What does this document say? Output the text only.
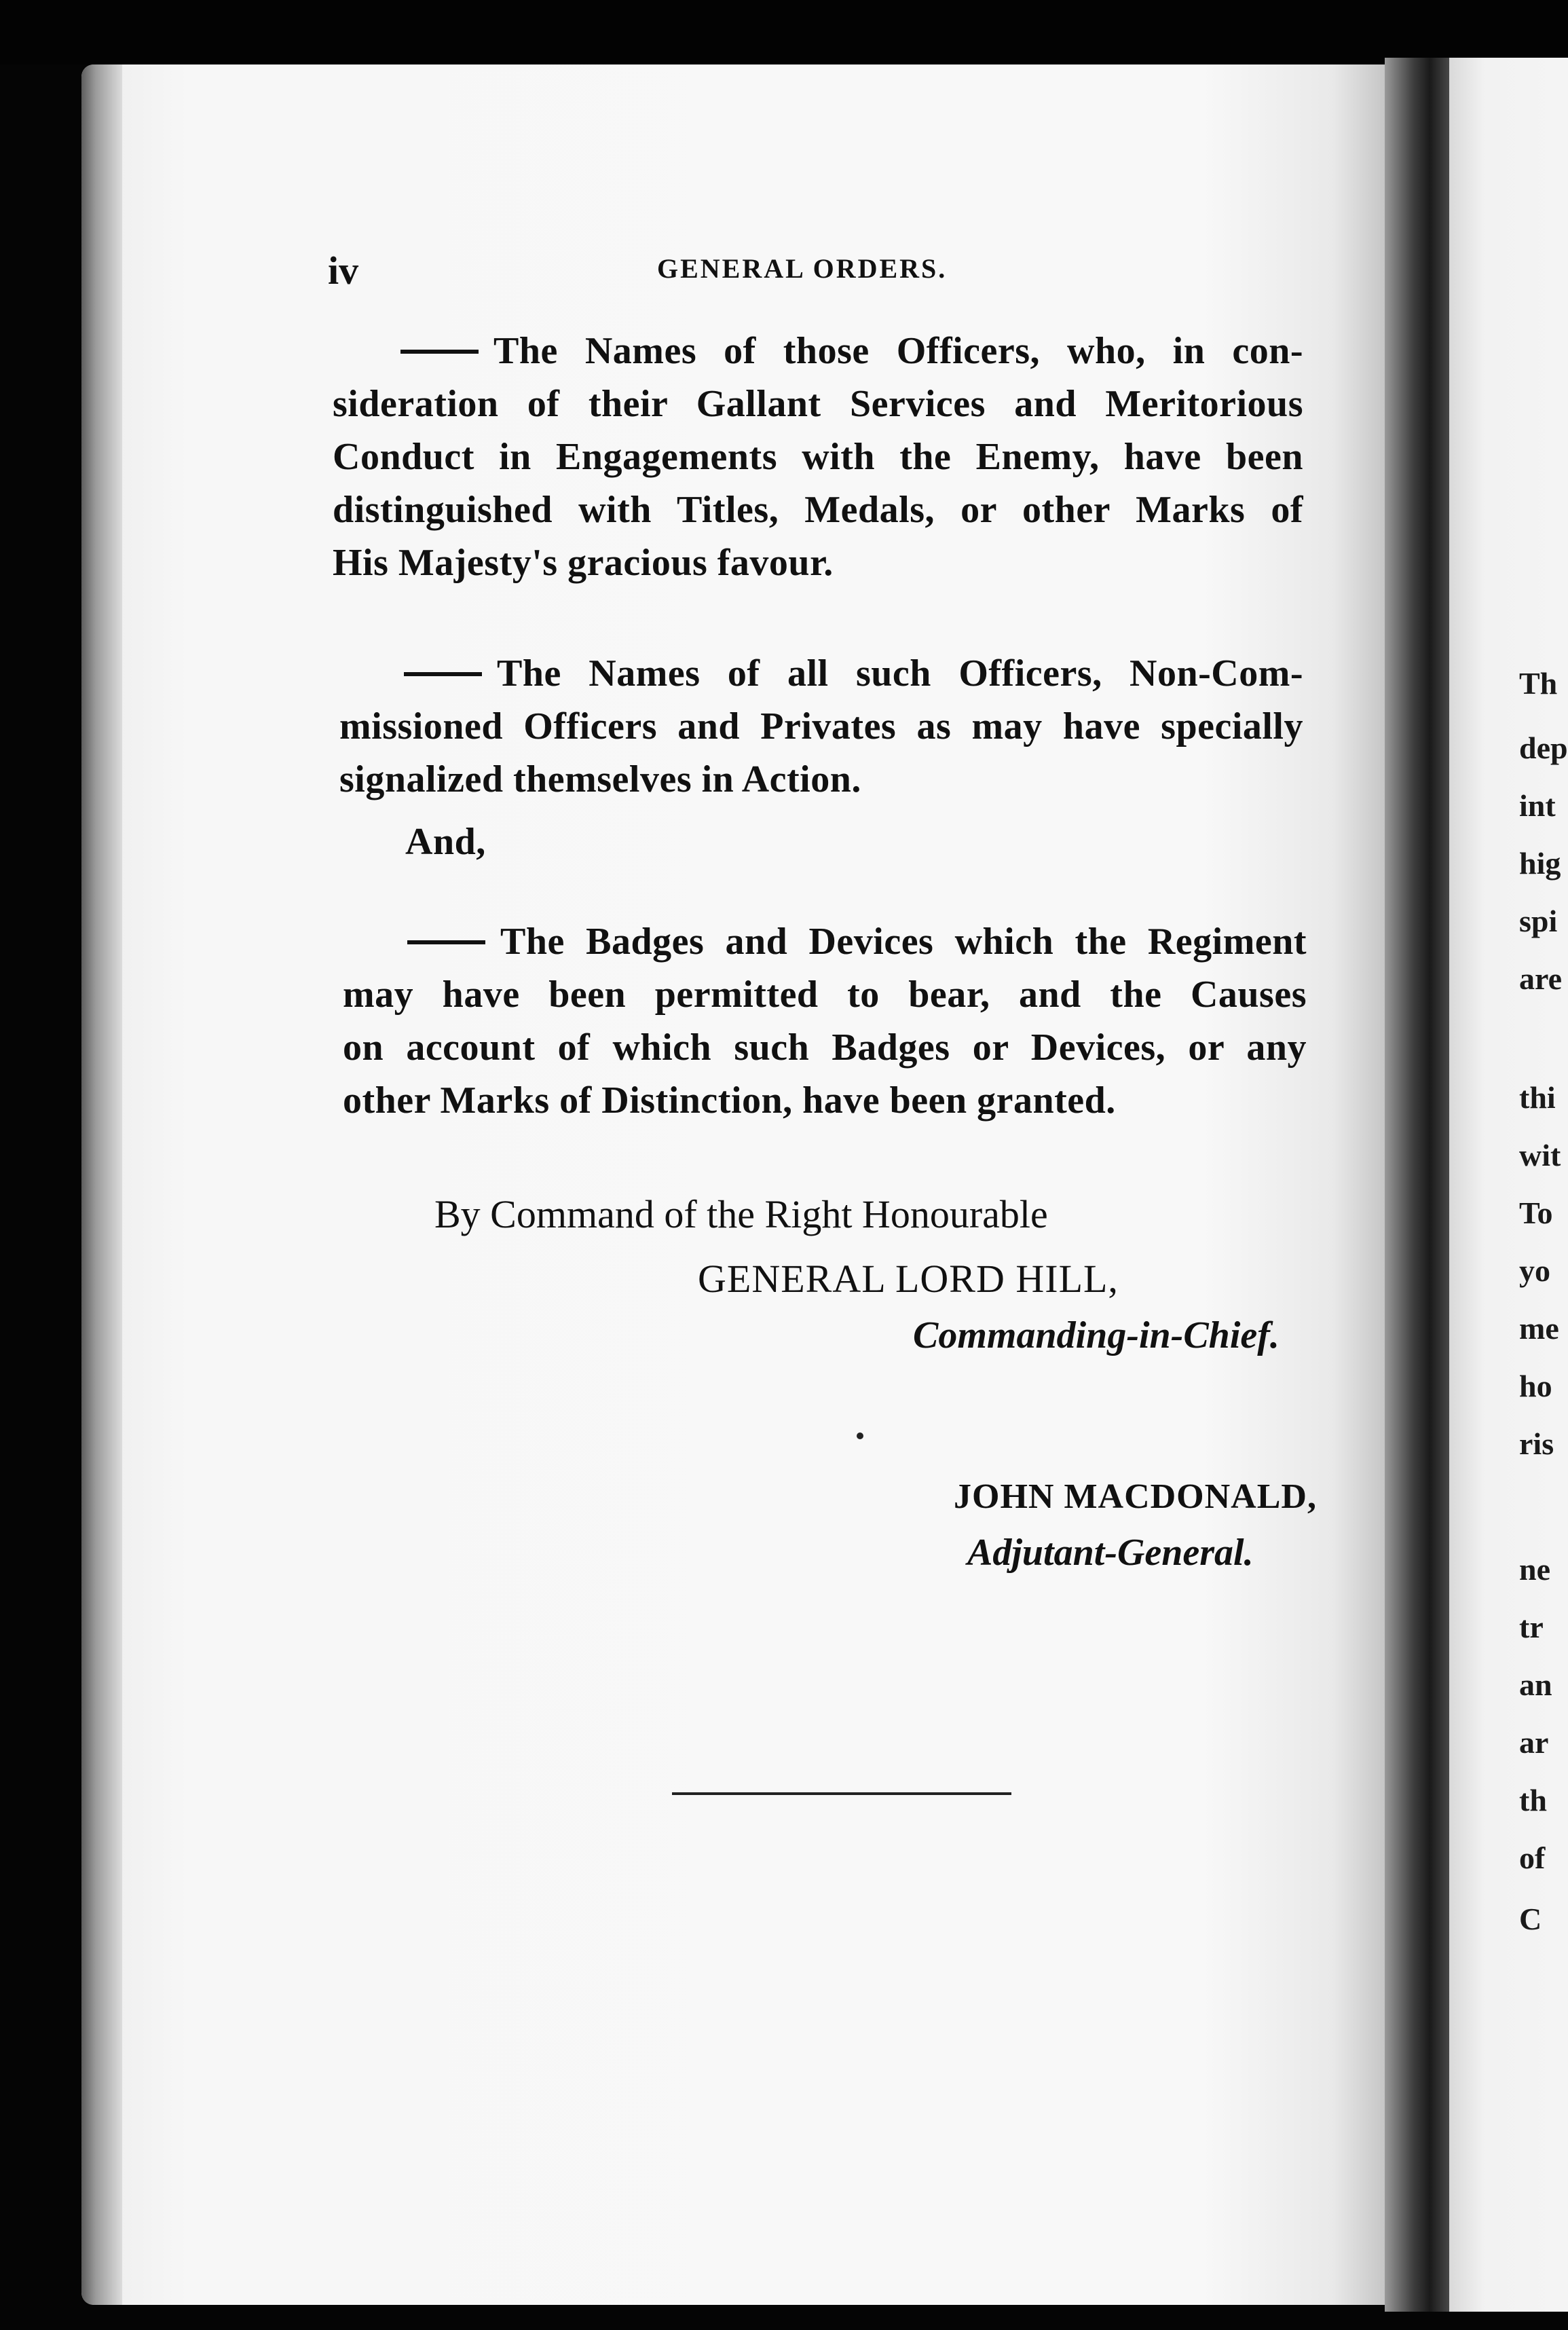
iv	GENERAL ORDERS.
The Names of those Officers, who, in con-
sideration of their Gallant Services and Meritorious
Conduct in Engagements with the Enemy, have been
distinguished with Titles, Medals, or other Marks of
His Majesty's gracious favour.
The Names of all such Officers, Non-Com-
missioned Officers and Privates as may have specially
signalized themselves in Action.
And,
The Badges and Devices which the Regiment
may have been permitted to bear, and the Causes
on account of which such Badges or Devices, or any
other Marks of Distinction, have been granted.
By Command of the Right Honourable
GENERAL LORD HILL,
Commanding-in-Chief.
JOHN MACDONALD,
Adjutant-General.
Th
dep
int
hig
spi
are
thi
wit
To
yo
me
ho
ris
ne
tr
an
ar
th
of
C
